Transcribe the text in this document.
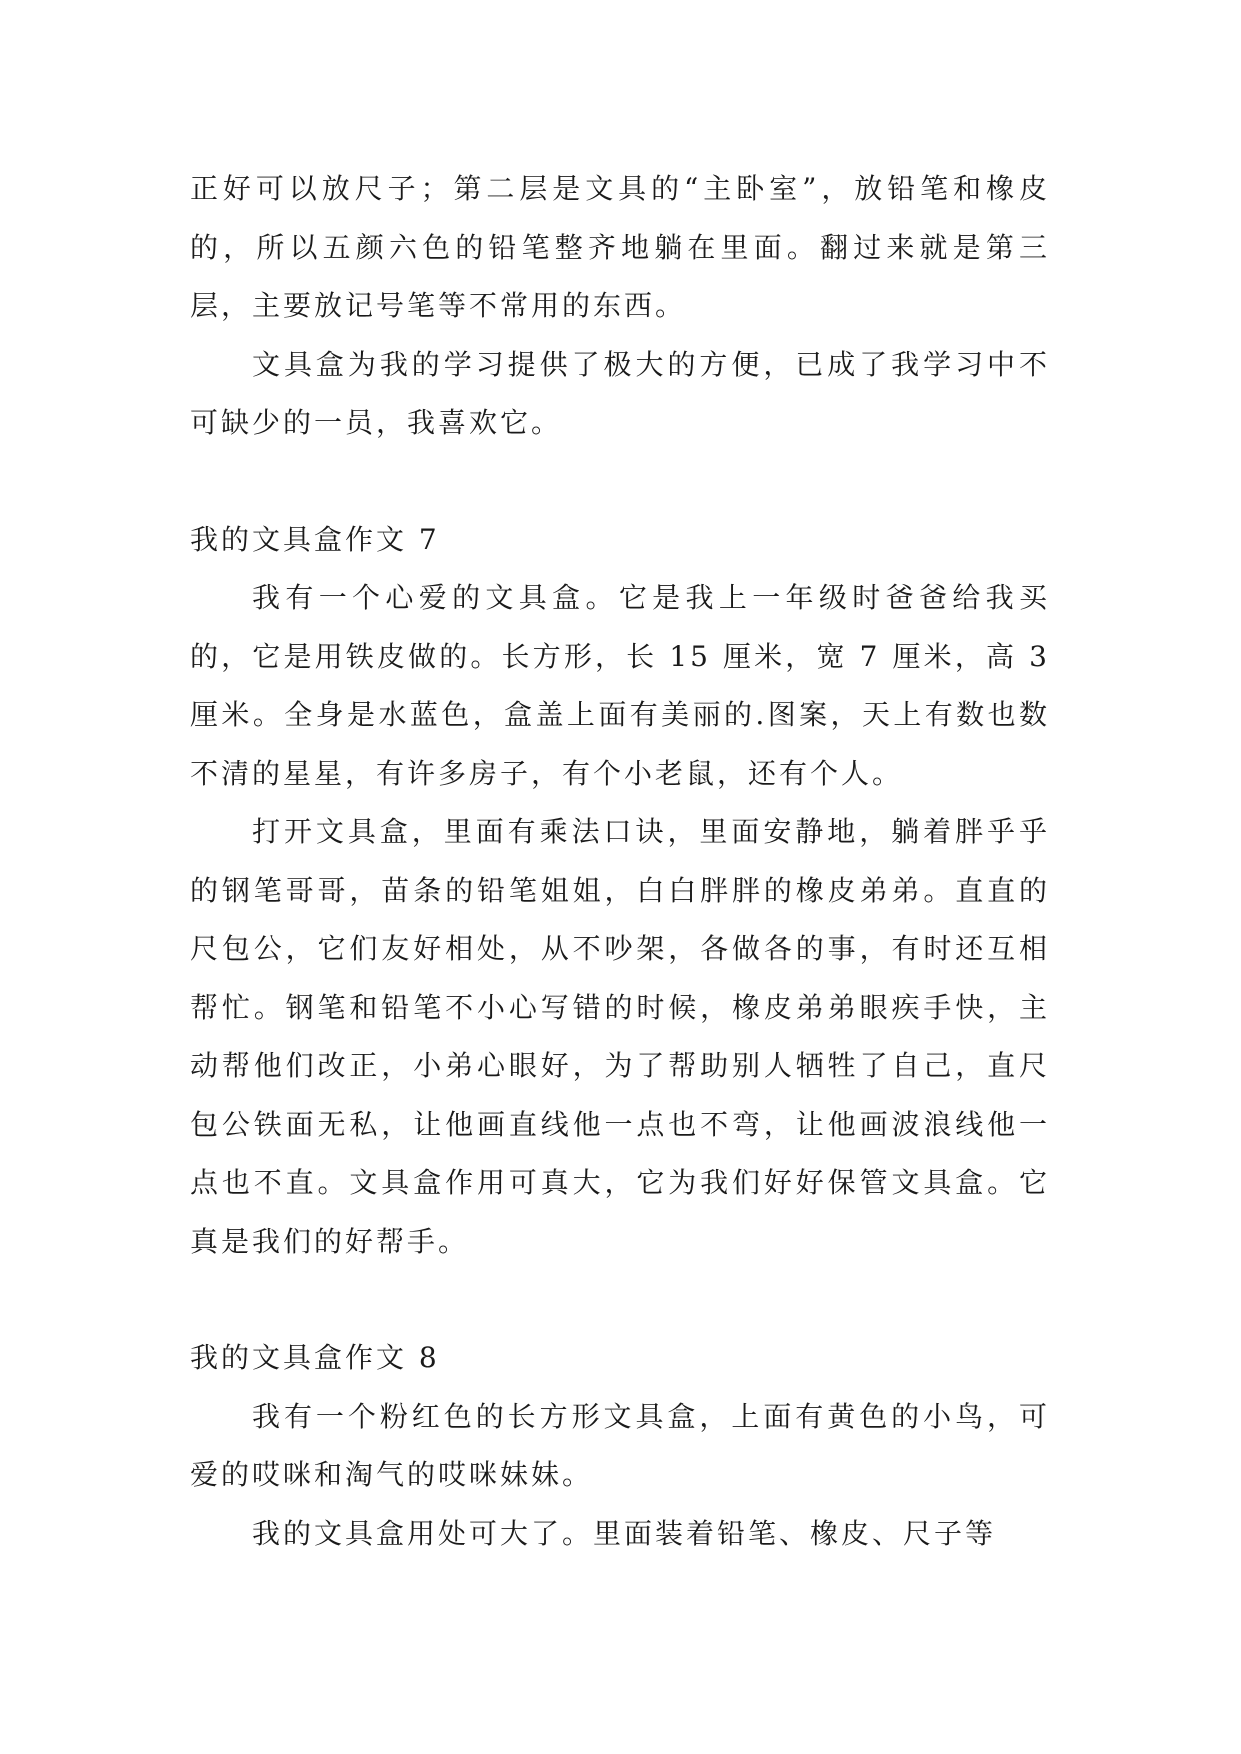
正好可以放尺子；第二层是文具的“主卧室”，放铅笔和橡皮的，所以五颜六色的铅笔整齐地躺在里面。翻过来就是第三层，主要放记号笔等不常用的东西。

文具盒为我的学习提供了极大的方便，已成了我学习中不可缺少的一员，我喜欢它。

我的文具盒作文 7

我有一个心爱的文具盒。它是我上一年级时爸爸给我买的，它是用铁皮做的。长方形，长 15 厘米，宽 7 厘米，高 3 厘米。全身是水蓝色，盒盖上面有美丽的.图案，天上有数也数不清的星星，有许多房子，有个小老鼠，还有个人。

打开文具盒，里面有乘法口诀，里面安静地，躺着胖乎乎的钢笔哥哥，苗条的铅笔姐姐，白白胖胖的橡皮弟弟。直直的尺包公，它们友好相处，从不吵架，各做各的事，有时还互相帮忙。钢笔和铅笔不小心写错的时候，橡皮弟弟眼疾手快，主动帮他们改正，小弟心眼好，为了帮助别人牺牲了自己，直尺包公铁面无私，让他画直线他一点也不弯，让他画波浪线他一点也不直。文具盒作用可真大，它为我们好好保管文具盒。它真是我们的好帮手。

我的文具盒作文 8

我有一个粉红色的长方形文具盒，上面有黄色的小鸟，可爱的哎咪和淘气的哎咪妹妹。

我的文具盒用处可大了。里面装着铅笔、橡皮、尺子等
